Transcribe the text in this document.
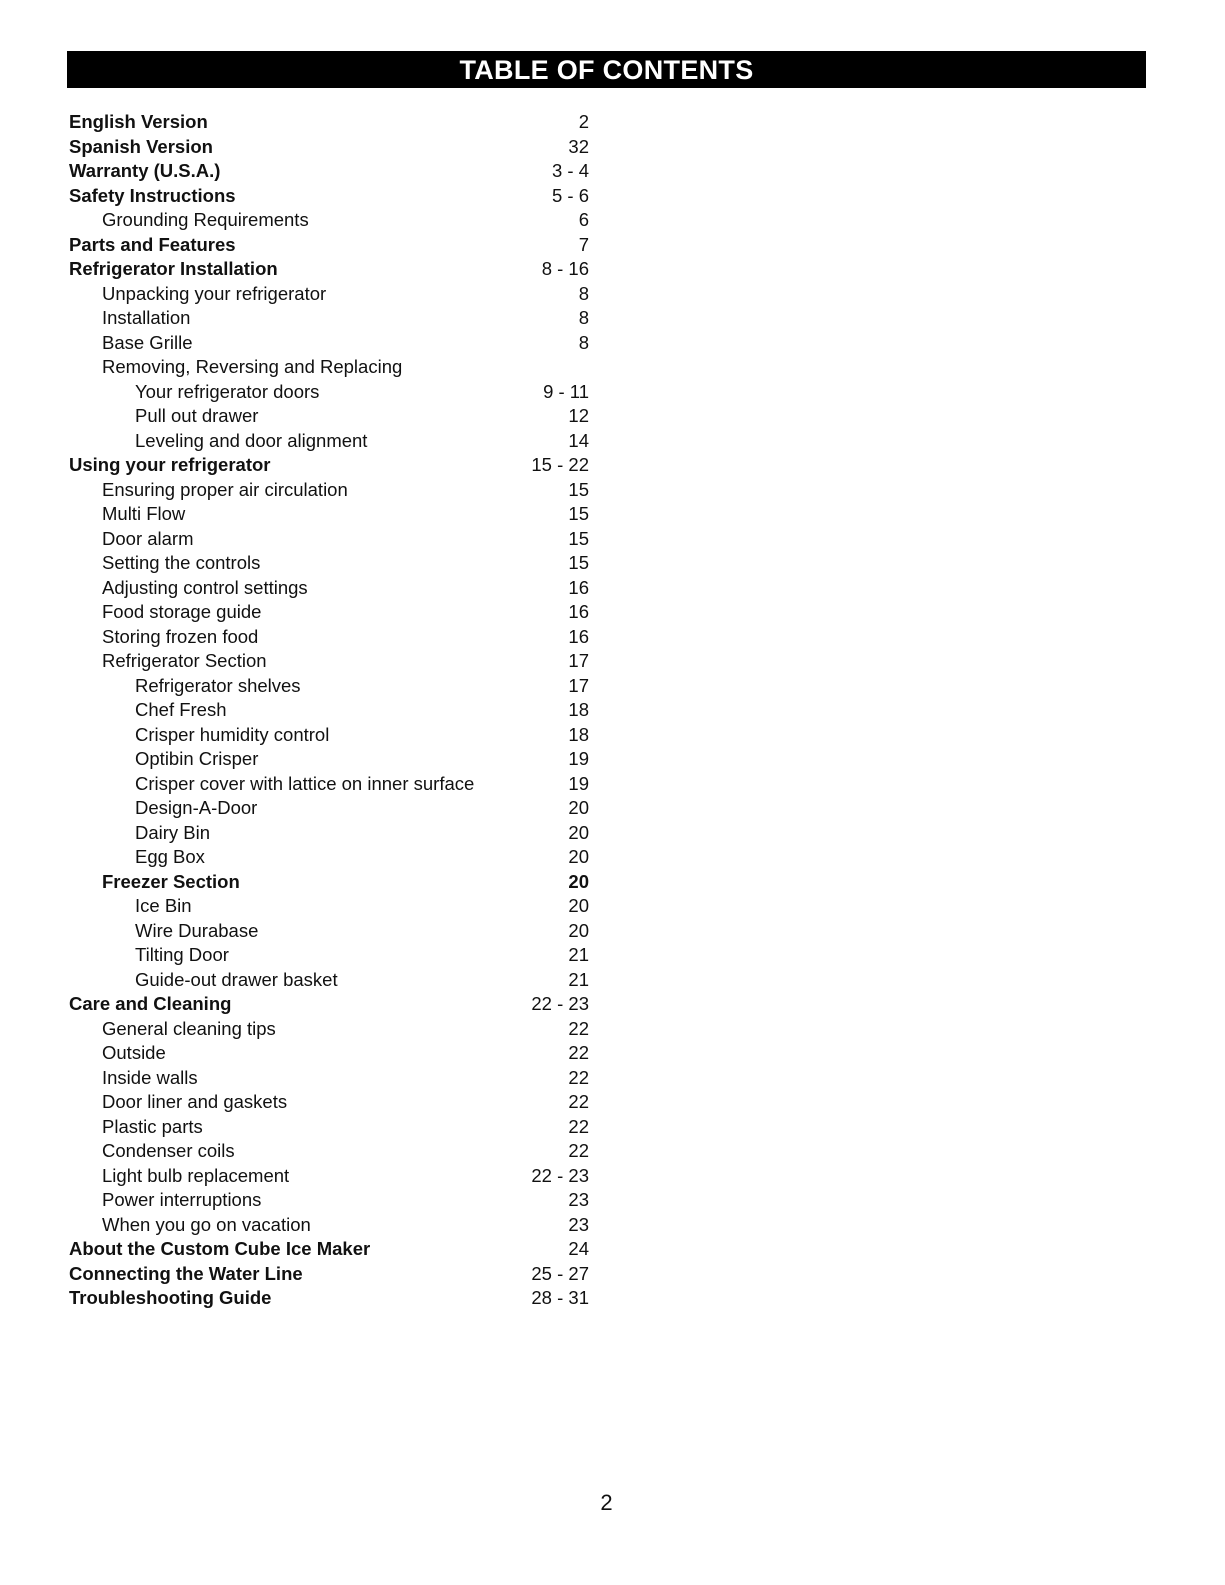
TABLE OF CONTENTS
English Version	2
Spanish Version	32
Warranty (U.S.A.)	3 - 4
Safety Instructions	5 - 6
Grounding Requirements	6
Parts and Features	7
Refrigerator Installation	8 - 16
Unpacking your refrigerator	8
Installation	8
Base Grille	8
Removing, Reversing and Replacing
Your refrigerator doors	9 - 11
Pull out drawer	12
Leveling and door alignment	14
Using your refrigerator	15 - 22
Ensuring proper air circulation	15
Multi Flow	15
Door alarm	15
Setting the controls	15
Adjusting control settings	16
Food storage guide	16
Storing frozen food	16
Refrigerator Section	17
Refrigerator shelves	17
Chef Fresh	18
Crisper humidity control	18
Optibin Crisper	19
Crisper cover with lattice on inner surface	19
Design-A-Door	20
Dairy Bin	20
Egg Box	20
Freezer Section	20
Ice Bin	20
Wire Durabase	20
Tilting Door	21
Guide-out drawer basket	21
Care and Cleaning	22 - 23
General cleaning tips	22
Outside	22
Inside walls	22
Door liner and gaskets	22
Plastic parts	22
Condenser coils	22
Light bulb replacement	22 - 23
Power interruptions	23
When you go on vacation	23
About the Custom Cube Ice Maker	24
Connecting the Water Line	25 - 27
Troubleshooting Guide	28 - 31
2
